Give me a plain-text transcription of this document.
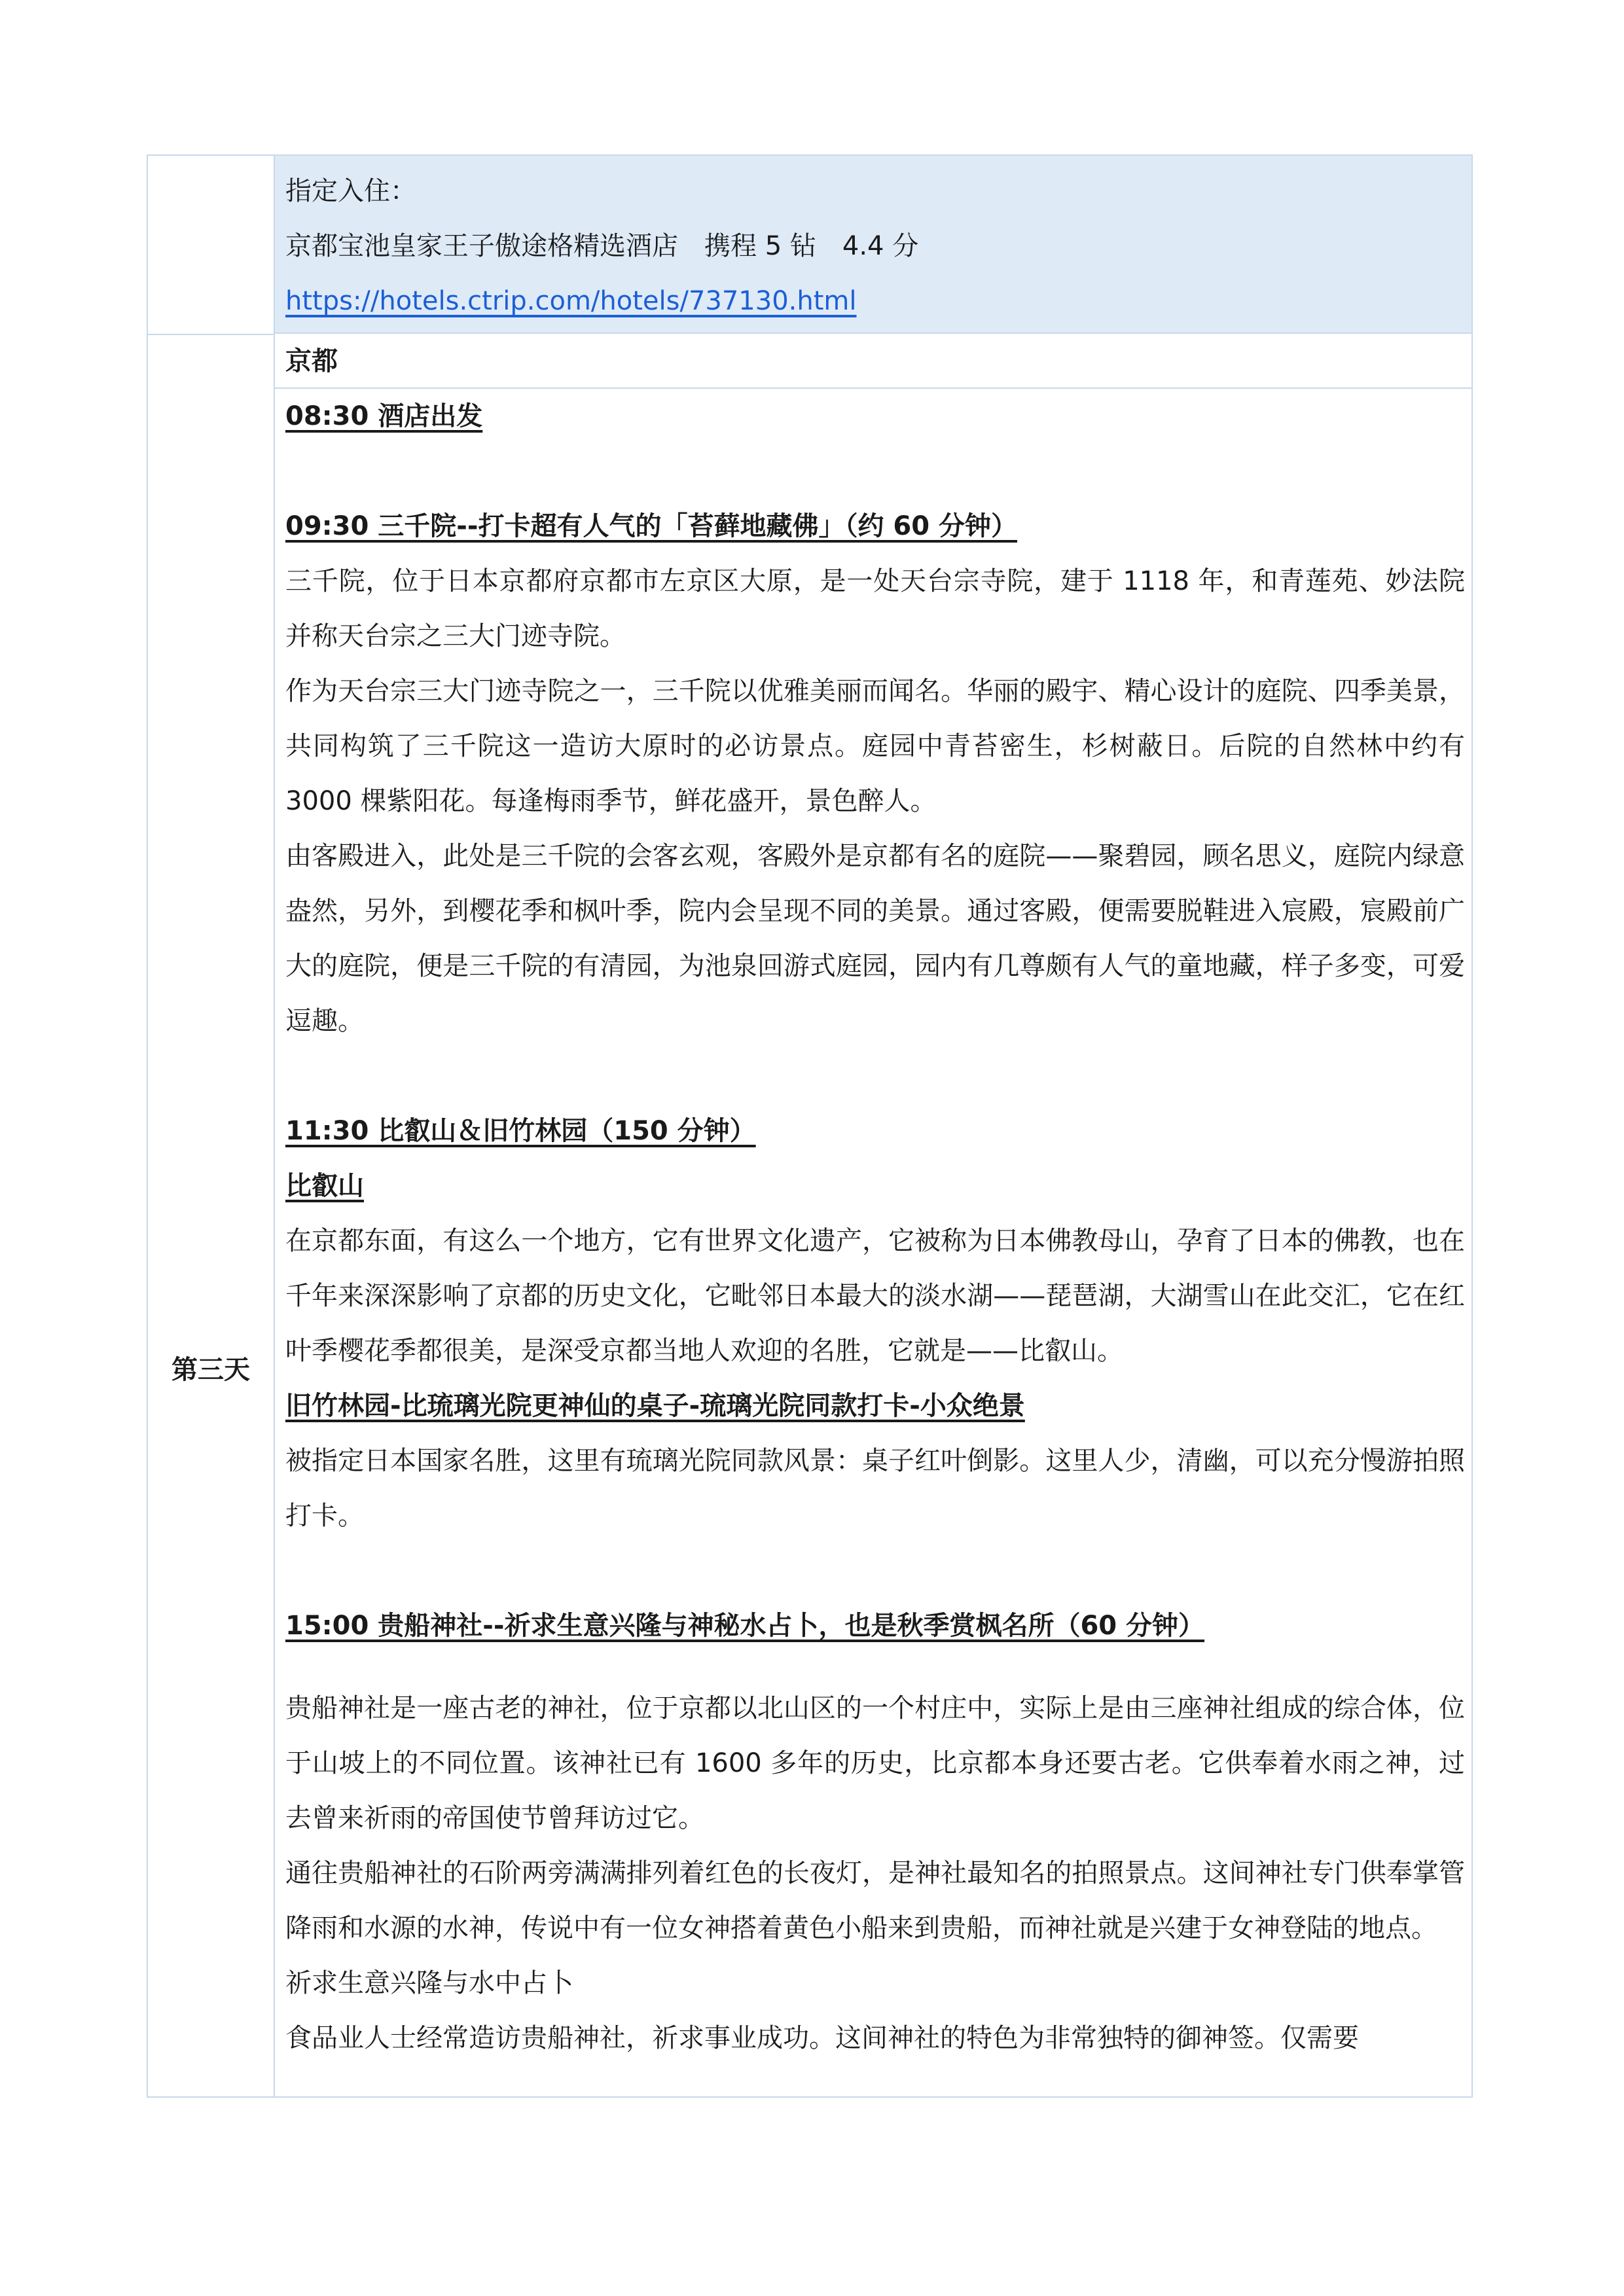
第三天
指定入住：
京都宝池皇家王子傲途格精选酒店　携程 5 钻　4.4 分
https://hotels.ctrip.com/hotels/737130.html
京都
08:30 酒店出发
09:30 三千院--打卡超有人气的「苔藓地藏佛」（约 60 分钟）
三千院，位于日本京都府京都市左京区大原，是一处天台宗寺院，建于 1118 年，和青莲苑、妙法院并称天台宗之三大门迹寺院。
作为天台宗三大门迹寺院之一，三千院以优雅美丽而闻名。华丽的殿宇、精心设计的庭院、四季美景，共同构筑了三千院这一造访大原时的必访景点。庭园中青苔密生，杉树蔽日。后院的自然林中约有 3000 棵紫阳花。每逢梅雨季节，鲜花盛开，景色醉人。
由客殿进入，此处是三千院的会客玄观，客殿外是京都有名的庭院——聚碧园，顾名思义，庭院内绿意盎然，另外，到樱花季和枫叶季，院内会呈现不同的美景。通过客殿，便需要脱鞋进入宸殿，宸殿前广大的庭院，便是三千院的有清园，为池泉回游式庭园，园内有几尊颇有人气的童地藏，样子多变，可爱逗趣。
11:30 比叡山＆旧竹林园（150 分钟）
比叡山
在京都东面，有这么一个地方，它有世界文化遗产，它被称为日本佛教母山，孕育了日本的佛教，也在千年来深深影响了京都的历史文化，它毗邻日本最大的淡水湖——琵琶湖，大湖雪山在此交汇，它在红叶季樱花季都很美，是深受京都当地人欢迎的名胜，它就是——比叡山。
旧竹林园-比琉璃光院更神仙的桌子-琉璃光院同款打卡-小众绝景
被指定日本国家名胜，这里有琉璃光院同款风景：桌子红叶倒影。这里人少，清幽，可以充分慢游拍照打卡。
15:00 贵船神社--祈求生意兴隆与神秘水占卜，也是秋季赏枫名所（60 分钟）
贵船神社是一座古老的神社，位于京都以北山区的一个村庄中，实际上是由三座神社组成的综合体，位于山坡上的不同位置。该神社已有 1600 多年的历史，比京都本身还要古老。它供奉着水雨之神，过去曾来祈雨的帝国使节曾拜访过它。
通往贵船神社的石阶两旁满满排列着红色的长夜灯，是神社最知名的拍照景点。这间神社专门供奉掌管降雨和水源的水神，传说中有一位女神搭着黄色小船来到贵船，而神社就是兴建于女神登陆的地点。
祈求生意兴隆与水中占卜
食品业人士经常造访贵船神社，祈求事业成功。这间神社的特色为非常独特的御神签。仅需要
